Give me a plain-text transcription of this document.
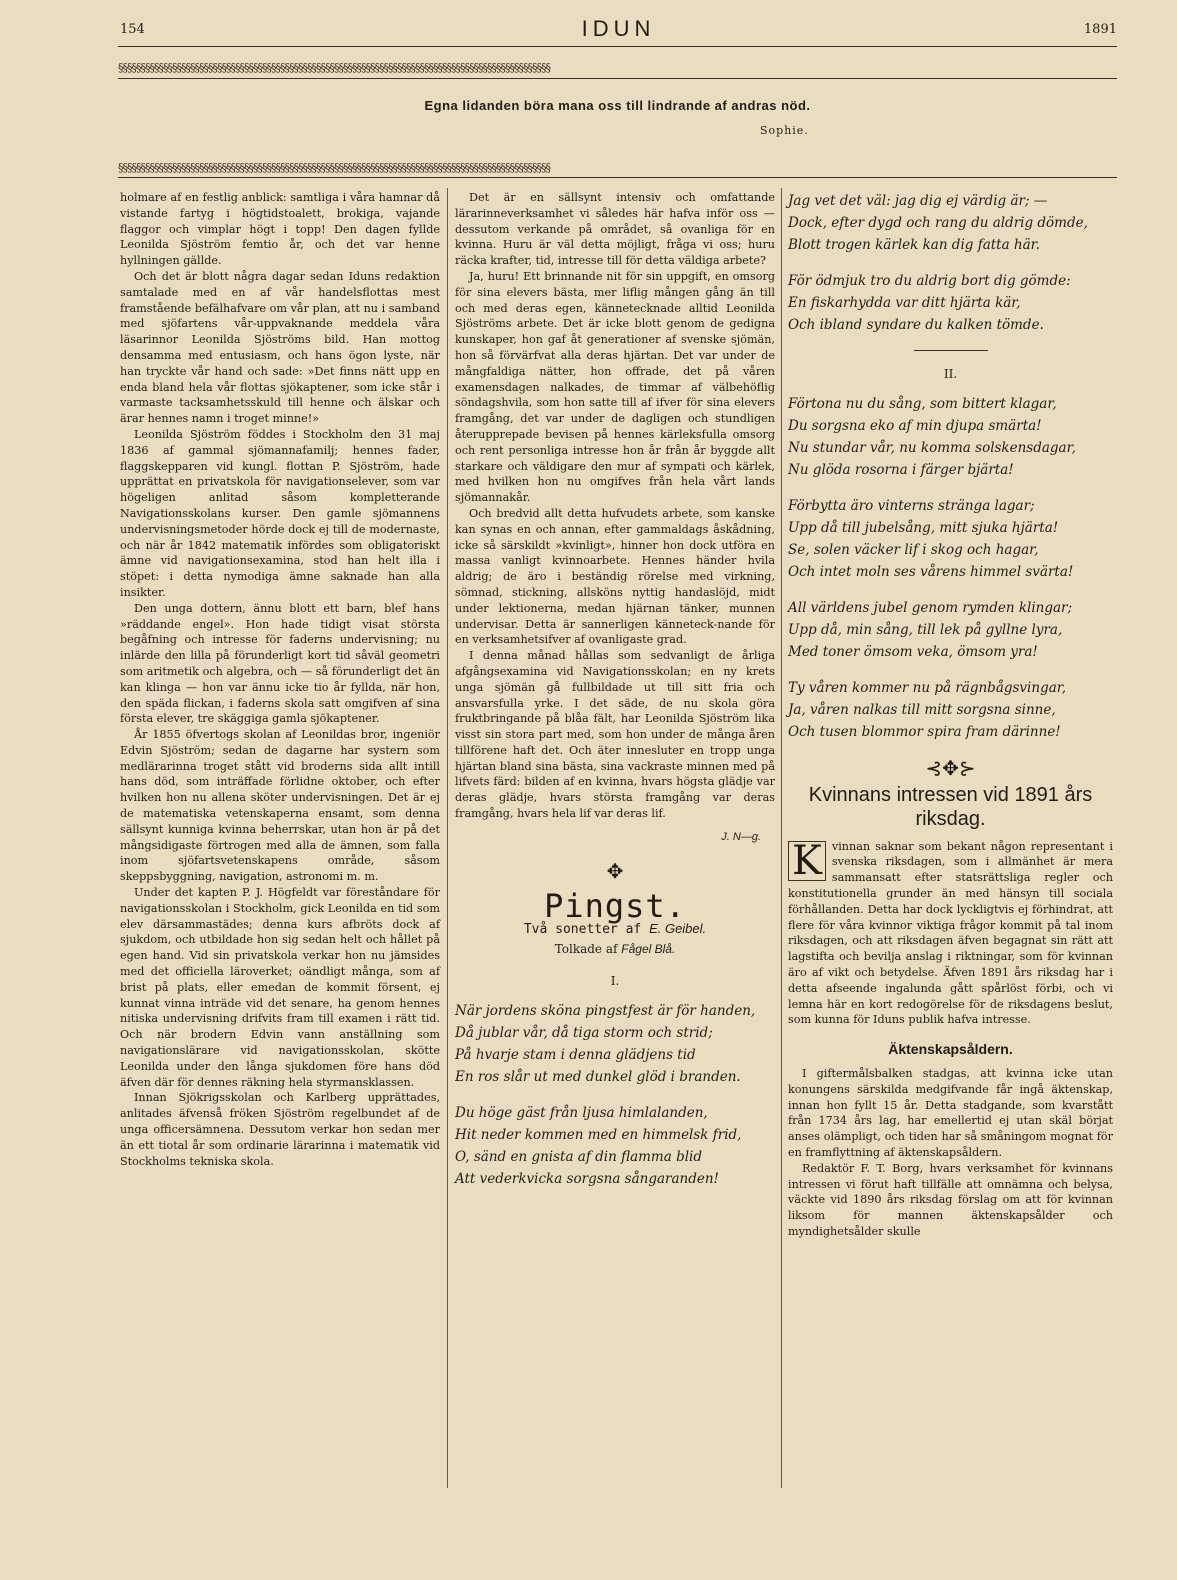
154	IDUN	1891
§§§§§§§§§§§§§§§§§§§§§§§§§§§§§§§§§§§§§§§§§§§§§§§§§§§§§§§§§§§§§§§§§§§§§§§§§§§§§§§§§§§§§§§§§§§§§§§§
Egna lidanden böra mana oss till lindrande af andras nöd.
Sophie.
§§§§§§§§§§§§§§§§§§§§§§§§§§§§§§§§§§§§§§§§§§§§§§§§§§§§§§§§§§§§§§§§§§§§§§§§§§§§§§§§§§§§§§§§§§§§§§§§

holmare af en festlig anblick: samtliga i våra hamnar då vistande fartyg i högtidstoalett, brokiga, vajande flaggor och vimplar högt i topp! Den dagen fyllde Leonilda Sjöström femtio år, och det var henne hyllningen gällde.

Och det är blott några dagar sedan Iduns redaktion samtalade med en af vår handelsflottas mest framstående befälhafvare om vår plan, att nu i samband med sjöfartens vår-uppvaknande meddela våra läsarinnor Leonilda Sjöströms bild. Han mottog densamma med entusiasm, och hans ögon lyste, när han tryckte vår hand och sade: »Det finns nätt upp en enda bland hela vår flottas sjökaptener, som icke står i varmaste tacksamhetsskuld till henne och älskar och ärar hennes namn i troget minne!»

Leonilda Sjöström föddes i Stockholm den 31 maj 1836 af gammal sjömannafamilj; hennes fader, flaggskepparen vid kungl. flottan P. Sjöström, hade upprättat en privatskola för navigationselever, som var högeligen anlitad såsom kompletterande Navigationsskolans kurser. Den gamle sjömannens undervisningsmetoder hörde dock ej till de modernaste, och när år 1842 matematik infördes som obligatoriskt ämne vid navigationsexamina, stod han helt illa i stöpet: i detta nymodiga ämne saknade han alla insikter.

Den unga dottern, ännu blott ett barn, blef hans »räddande engel». Hon hade tidigt visat största begåfning och intresse för faderns undervisning; nu inlärde den lilla på förunderligt kort tid såväl geometri som aritmetik och algebra, och — så förunderligt det än kan klinga — hon var ännu icke tio år fyllda, när hon, den späda flickan, i faderns skola satt omgifven af sina första elever, tre skäggiga gamla sjökaptener.

År 1855 öfvertogs skolan af Leonildas bror, ingeniör Edvin Sjöström; sedan de dagarne har systern som medlärarinna troget stått vid broderns sida allt intill hans död, som inträffade förlidne oktober, och efter hvilken hon nu allena sköter undervisningen. Det är ej de matematiska vetenskaperna ensamt, som denna sällsynt kunniga kvinna beherrskar, utan hon är på det mångsidigaste förtrogen med alla de ämnen, som falla inom sjöfartsvetenskapens område, såsom skeppsbyggning, navigation, astronomi m. m.

Under det kapten P. J. Högfeldt var föreståndare för navigationsskolan i Stockholm, gick Leonilda en tid som elev därsammastädes; denna kurs afbröts dock af sjukdom, och utbildade hon sig sedan helt och hållet på egen hand. Vid sin privatskola verkar hon nu jämsides med det officiella läroverket; oändligt många, som af brist på plats, eller emedan de kommit försent, ej kunnat vinna inträde vid det senare, ha genom hennes nitiska undervisning drifvits fram till examen i rätt tid. Och när brodern Edvin vann anställning som navigationslärare vid navigationsskolan, skötte Leonilda under den långa sjukdomen före hans död äfven där för dennes räkning hela styrmansklassen.

Innan Sjökrigsskolan och Karlberg upprättades, anlitades äfvenså fröken Sjöström regelbundet af de unga officersämnena. Dessutom verkar hon sedan mer än ett tiotal år som ordinarie lärarinna i matematik vid Stockholms tekniska skola.

Det är en sällsynt intensiv och omfattande lärarinneverksamhet vi således här hafva inför oss — dessutom verkande på området, så ovanliga för en kvinna. Huru är väl detta möjligt, fråga vi oss; huru räcka krafter, tid, intresse till för detta väldiga arbete?

Ja, huru! Ett brinnande nit för sin uppgift, en omsorg för sina elevers bästa, mer liflig mången gång än till och med deras egen, kännetecknade alltid Leonilda Sjöströms arbete. Det är icke blott genom de gedigna kunskaper, hon gaf åt generationer af svenske sjömän, hon så förvärfvat alla deras hjärtan. Det var under de mångfaldiga nätter, hon offrade, det på våren examensdagen nalkades, de timmar af välbehöflig söndagshvila, som hon satte till af ifver för sina elevers framgång, det var under de dagligen och stundligen återupprepade bevisen på hennes kärleksfulla omsorg och rent personliga intresse hon år från år byggde allt starkare och väldigare den mur af sympati och kärlek, med hvilken hon nu omgifves från hela vårt lands sjömannakår.

Och bredvid allt detta hufvudets arbete, som kanske kan synas en och annan, efter gammaldags åskådning, icke så särskildt »kvinligt», hinner hon dock utföra en massa vanligt kvinnoarbete. Hennes händer hvila aldrig; de äro i beständig rörelse med virkning, sömnad, stickning, allsköns nyttig handaslöjd, midt under lektionerna, medan hjärnan tänker, munnen undervisar. Detta är sannerligen känneteck-nande för en verksamhetsifver af ovanligaste grad.

I denna månad hållas som sedvanligt de årliga afgångsexamina vid Navigationsskolan; en ny krets unga sjömän gå fullbildade ut till sitt fria och ansvarsfulla yrke. I det säde, de nu skola göra fruktbringande på blåa fält, har Leonilda Sjöström lika visst sin stora part med, som hon under de många åren tillförene haft det. Och äter innesluter en tropp unga hjärtan bland sina bästa, sina vackraste minnen med på lifvets färd: bilden af en kvinna, hvars högsta glädje var deras glädje, hvars största framgång var deras framgång, hvars hela lif var deras lif.

J. N—g.
✥
Pingst.
Två sonetter af E. Geibel.
Tolkade af Fågel Blå.
I.
När jordens sköna pingstfest är för handen,
Då jublar vår, då tiga storm och strid;
På hvarje stam i denna glädjens tid
En ros slår ut med dunkel glöd i branden.
Du höge gäst från ljusa himlalanden,
Hit neder kommen med en himmelsk frid,
O, sänd en gnista af din flamma blid
Att vederkvicka sorgsna sångaranden!
Jag vet det väl: jag dig ej värdig är; —
Dock, efter dygd och rang du aldrig dömde,
Blott trogen kärlek kan dig fatta här.
För ödmjuk tro du aldrig bort dig gömde:
En fiskarhydda var ditt hjärta kär,
Och ibland syndare du kalken tömde.
II.
Förtona nu du sång, som bittert klagar,
Du sorgsna eko af min djupa smärta!
Nu stundar vår, nu komma solskensdagar,
Nu glöda rosorna i färger bjärta!
Förbytta äro vinterns stränga lagar;
Upp då till jubelsång, mitt sjuka hjärta!
Se, solen väcker lif i skog och hagar,
Och intet moln ses vårens himmel svärta!
All världens jubel genom rymden klingar;
Upp då, min sång, till lek på gyllne lyra,
Med toner ömsom veka, ömsom yra!
Ty våren kommer nu på rägnbågsvingar,
Ja, våren nalkas till mitt sorgsna sinne,
Och tusen blommor spira fram därinne!
⊰✥⊱
Kvinnans intressen vid 1891 års riksdag.

K vinnan saknar som bekant någon representant i svenska riksdagen, som i allmänhet är mera sammansatt efter statsrättsliga regler och konstitutionella grunder än med hänsyn till sociala förhållanden. Detta har dock lyckligtvis ej förhindrat, att flere för våra kvinnor viktiga frågor kommit på tal inom riksdagen, och att riksdagen äfven begagnat sin rätt att lagstifta och bevilja anslag i riktningar, som för kvinnan äro af vikt och betydelse. Äfven 1891 års riksdag har i detta afseende ingalunda gått spårlöst förbi, och vi lemna här en kort redogörelse för de riksdagens beslut, som kunna för Iduns publik hafva intresse.

Äktenskapsåldern.

I giftermålsbalken stadgas, att kvinna icke utan konungens särskilda medgifvande får ingå äktenskap, innan hon fyllt 15 år. Detta stadgande, som kvarstått från 1734 års lag, har emellertid ej utan skäl börjat anses olämpligt, och tiden har så småningom mognat för en framflyttning af äktenskapsåldern.

Redaktör F. T. Borg, hvars verksamhet för kvinnans intressen vi förut haft tillfälle att omnämna och belysa, väckte vid 1890 års riksdag förslag om att för kvinnan liksom för mannen äktenskapsålder och myndighetsålder skulle
